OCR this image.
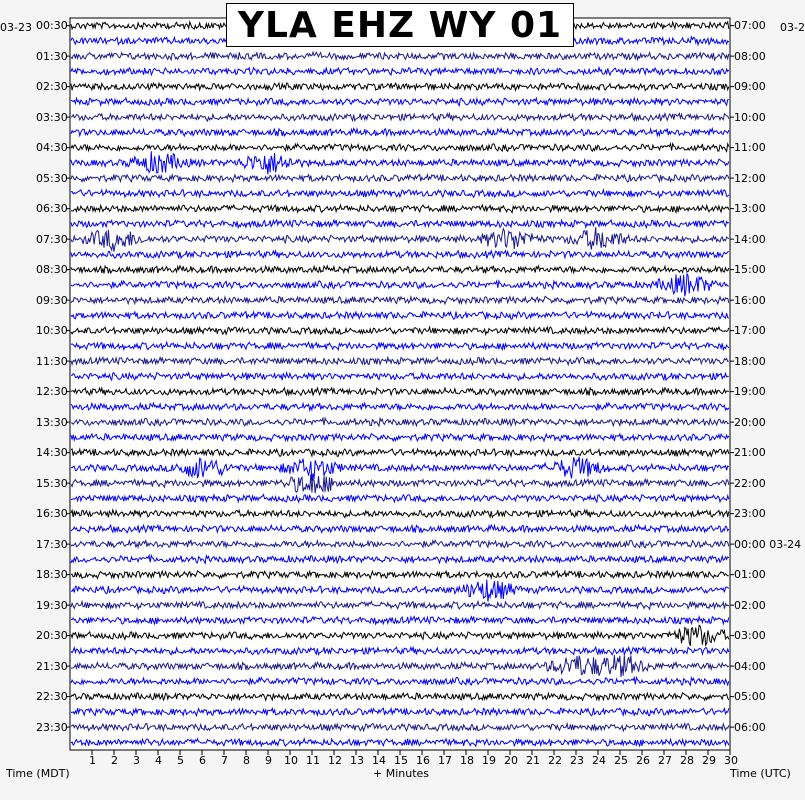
YLA EHZ WY 01
03-23	03-2
Time (MDT)	+ Minutes	Time (UTC)
00:30
01:30
02:30
03:30
04:30
05:30
06:30
07:30
08:30
09:30
10:30
11:30
12:30
13:30
14:30
15:30
16:30
17:30
18:30
19:30
20:30
21:30
22:30
23:30
07:00
08:00
09:00
10:00
11:00
12:00
13:00
14:00
15:00
16:00
17:00
18:00
19:00
20:00
21:00
22:00
23:00
00:00 03-24
01:00
02:00
03:00
04:00
05:00
06:00
1 2 3 4 5 6 7 8 9 10 11 12 13 14 15 16 17 18 19 20 21 22 23 24 25 26 27 28 29 30
